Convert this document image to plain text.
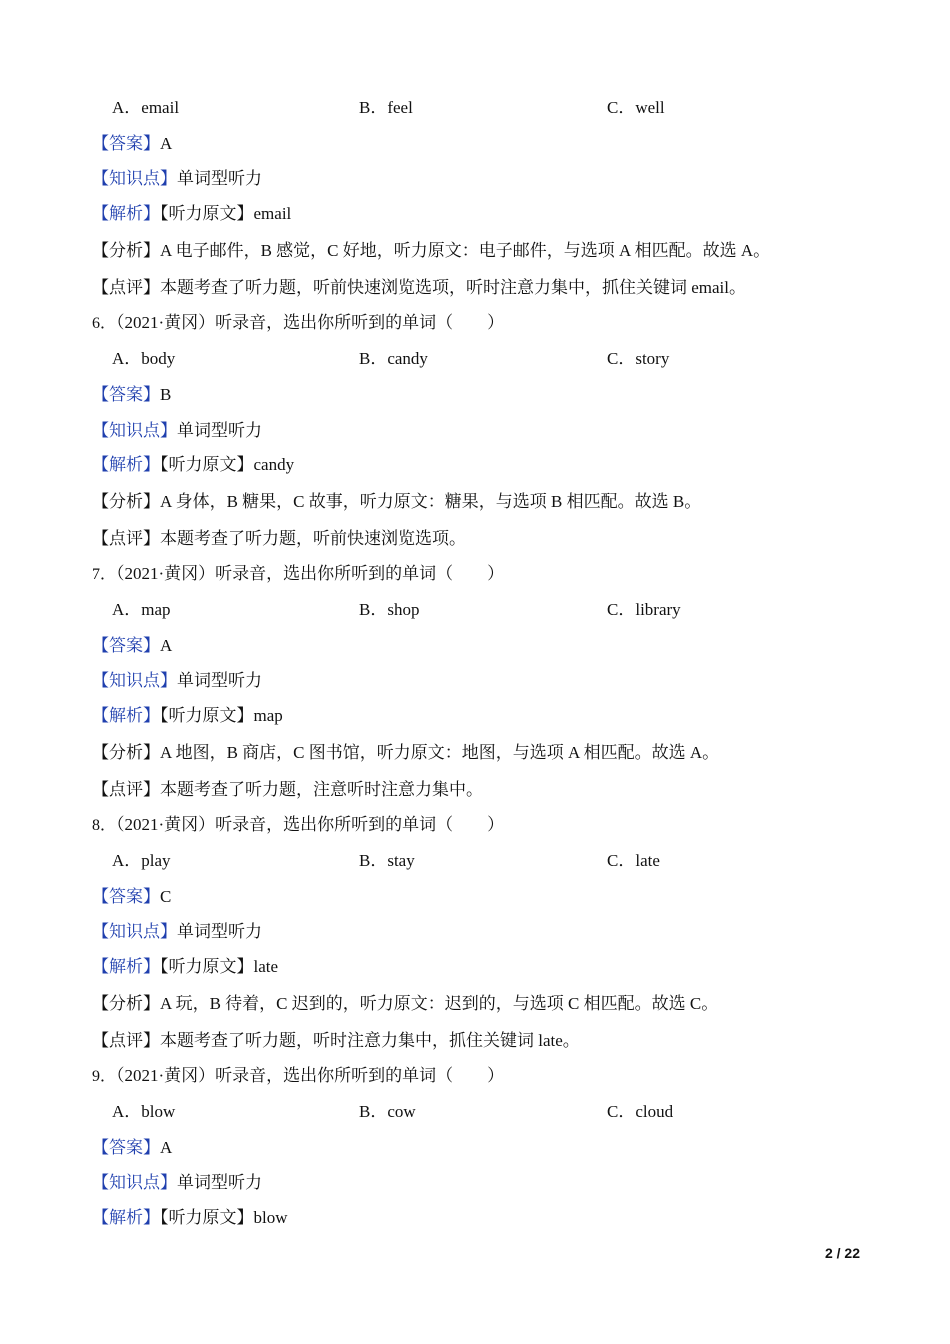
A．email	B．feel	C．well
【答案】A
【知识点】单词型听力
【解析】【听力原文】email
【分析】A 电子邮件，B 感觉，C 好地，听力原文：电子邮件，与选项 A 相匹配。故选 A。
【点评】本题考查了听力题，听前快速浏览选项，听时注意力集中，抓住关键词 email。
6．（2021·黄冈）听录音，选出你所听到的单词（　　）
A．body	B．candy	C．story
【答案】B
【知识点】单词型听力
【解析】【听力原文】candy
【分析】A 身体，B 糖果，C 故事，听力原文：糖果，与选项 B 相匹配。故选 B。
【点评】本题考查了听力题，听前快速浏览选项。
7．（2021·黄冈）听录音，选出你所听到的单词（　　）
A．map	B．shop	C．library
【答案】A
【知识点】单词型听力
【解析】【听力原文】map
【分析】A 地图，B 商店，C 图书馆，听力原文：地图，与选项 A 相匹配。故选 A。
【点评】本题考查了听力题，注意听时注意力集中。
8．（2021·黄冈）听录音，选出你所听到的单词（　　）
A．play	B．stay	C．late
【答案】C
【知识点】单词型听力
【解析】【听力原文】late
【分析】A 玩，B 待着，C 迟到的，听力原文：迟到的，与选项 C 相匹配。故选 C。
【点评】本题考查了听力题，听时注意力集中，抓住关键词 late。
9．（2021·黄冈）听录音，选出你所听到的单词（　　）
A．blow	B．cow	C．cloud
【答案】A
【知识点】单词型听力
【解析】【听力原文】blow
2 / 22
